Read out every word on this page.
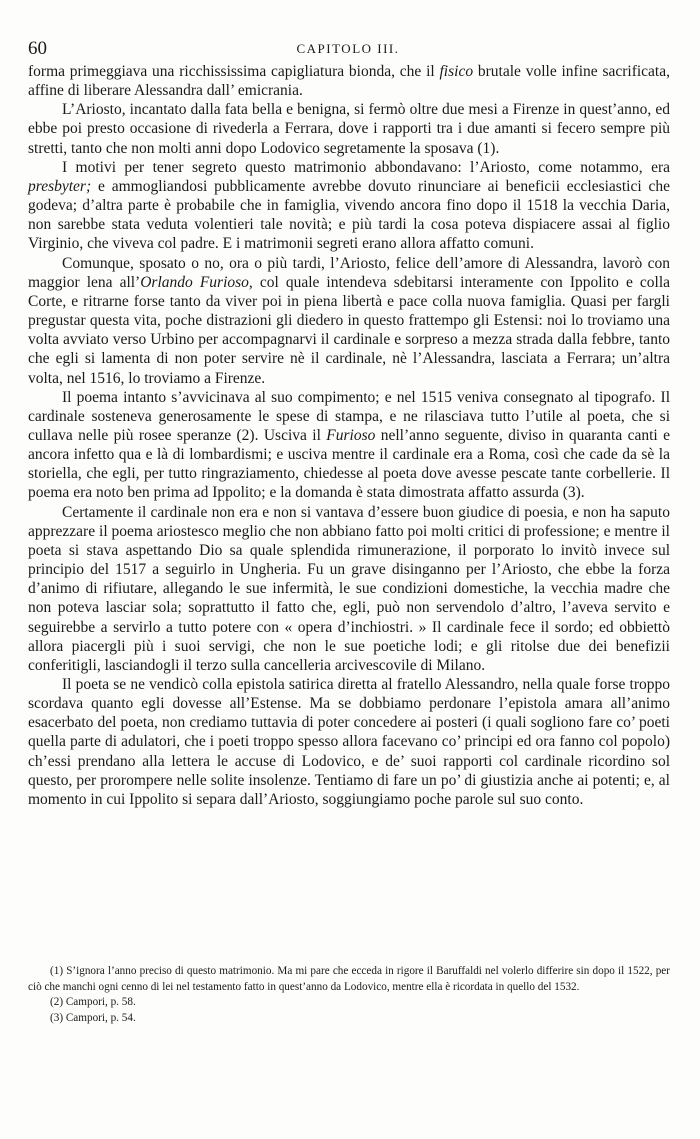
60	CAPITOLO III.

forma primeggiava una ricchississima capigliatura bionda, che il fisico brutale volle infine sacrificata, affine di liberare Alessandra dall’ emicrania.

L’Ariosto, incantato dalla fata bella e benigna, si fermò oltre due mesi a Firenze in quest’anno, ed ebbe poi presto occasione di rivederla a Ferrara, dove i rapporti tra i due amanti si fecero sempre più stretti, tanto che non molti anni dopo Lodovico segretamente la sposava (1).

I motivi per tener segreto questo matrimonio abbondavano: l’Ariosto, come notammo, era presbyter; e ammogliandosi pubblicamente avrebbe dovuto rinunciare ai beneficii ecclesiastici che godeva; d’altra parte è probabile che in famiglia, vivendo ancora fino dopo il 1518 la vecchia Daria, non sarebbe stata veduta volentieri tale novità; e più tardi la cosa poteva dispiacere assai al figlio Virginio, che viveva col padre. E i matrimonii segreti erano allora affatto comuni.

Comunque, sposato o no, ora o più tardi, l’Ariosto, felice dell’amore di Alessandra, lavorò con maggior lena all’Orlando Furioso, col quale intendeva sdebitarsi interamente con Ippolito e colla Corte, e ritrarne forse tanto da viver poi in piena libertà e pace colla nuova famiglia. Quasi per fargli pregustar questa vita, poche distrazioni gli diedero in questo frattempo gli Estensi: noi lo troviamo una volta avviato verso Urbino per accompagnarvi il cardinale e sorpreso a mezza strada dalla febbre, tanto che egli si lamenta di non poter servire nè il cardinale, nè l’Alessandra, lasciata a Ferrara; un’altra volta, nel 1516, lo troviamo a Firenze.

Il poema intanto s’avvicinava al suo compimento; e nel 1515 veniva consegnato al tipografo. Il cardinale sosteneva generosamente le spese di stampa, e ne rilasciava tutto l’utile al poeta, che si cullava nelle più rosee speranze (2). Usciva il Furioso nell’anno seguente, diviso in quaranta canti e ancora infetto qua e là di lombardismi; e usciva mentre il cardinale era a Roma, così che cade da sè la storiella, che egli, per tutto ringraziamento, chiedesse al poeta dove avesse pescate tante corbellerie. Il poema era noto ben prima ad Ippolito; e la domanda è stata dimostrata affatto assurda (3).

Certamente il cardinale non era e non si vantava d’essere buon giudice di poesia, e non ha saputo apprezzare il poema ariostesco meglio che non abbiano fatto poi molti critici di professione; e mentre il poeta si stava aspettando Dio sa quale splendida rimunerazione, il porporato lo invitò invece sul principio del 1517 a seguirlo in Ungheria. Fu un grave disinganno per l’Ariosto, che ebbe la forza d’animo di rifiutare, allegando le sue infermità, le sue condizioni domestiche, la vecchia madre che non poteva lasciar sola; soprattutto il fatto che, egli, può non servendolo d’altro, l’aveva servito e seguirebbe a servirlo a tutto potere con « opera d’inchiostri. » Il cardinale fece il sordo; ed obbiettò allora piacergli più i suoi servigi, che non le sue poetiche lodi; e gli ritolse due dei benefizii conferitigli, lasciandogli il terzo sulla cancelleria arcivescovile di Milano.

Il poeta se ne vendicò colla epistola satirica diretta al fratello Alessandro, nella quale forse troppo scordava quanto egli dovesse all’Estense. Ma se dobbiamo perdonare l’epistola amara all’animo esacerbato del poeta, non crediamo tuttavia di poter concedere ai posteri (i quali sogliono fare co’ poeti quella parte di adulatori, che i poeti troppo spesso allora facevano co’ principi ed ora fanno col popolo) ch’essi prendano alla lettera le accuse di Lodovico, e de’ suoi rapporti col cardinale ricordino sol questo, per prorompere nelle solite insolenze. Tentiamo di fare un po’ di giustizia anche ai potenti; e, al momento in cui Ippolito si separa dall’Ariosto, soggiungiamo poche parole sul suo conto.

(1) S’ignora l’anno preciso di questo matrimonio. Ma mi pare che ecceda in rigore il Baruffaldi nel volerlo differire sin dopo il 1522, per ciò che manchi ogni cenno di lei nel testamento fatto in quest’anno da Lodovico, mentre ella è ricordata in quello del 1532.

(2) Campori, p. 58.

(3) Campori, p. 54.
